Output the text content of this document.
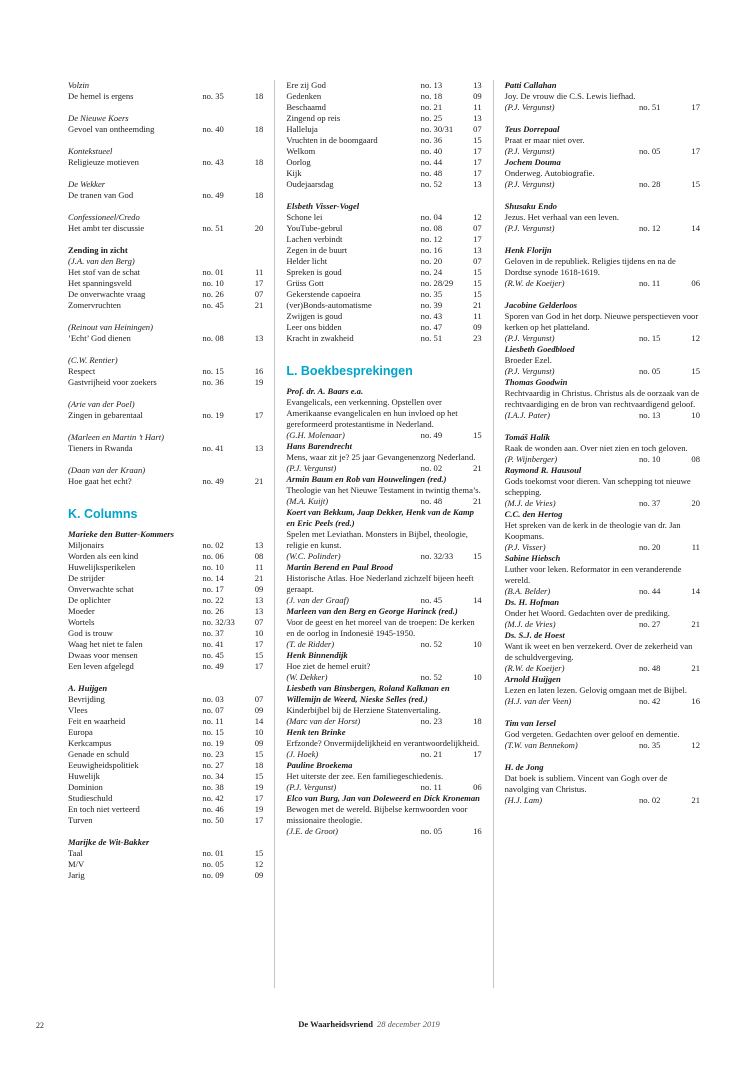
Volzin
De hemel is ergens	no. 35	18
De Nieuwe Koers
Gevoel van ontheemding	no. 40	18
Kontekstueel
Religieuze motieven	no. 43	18
De Wekker
De tranen van God	no. 49	18
Confessioneel/Credo
Het ambt ter discussie	no. 51	20
Zending in zicht
(J.A. van den Berg)
Het stof van de schat	no. 01	11
Het spanningsveld	no. 10	17
De onverwachte vraag	no. 26	07
Zomervruchten	no. 45	21
(Reinout van Heiningen)
’Echt’ God dienen	no. 08	13
(C.W. Rentier)
Respect	no. 15	16
Gastvrijheid voor zoekers	no. 36	19
(Arie van der Poel)
Zingen in gebarentaal	no. 19	17
(Marleen en Martin ’t Hart)
Tieners in Rwanda	no. 41	13
(Daan van der Kraan)
Hoe gaat het echt?	no. 49	21
K. Columns
Marieke den Butter-Kommers
Miljonairs	no. 02	13
Worden als een kind	no. 06	08
Huwelijksperikelen	no. 10	11
De strijder	no. 14	21
Onverwachte schat	no. 17	09
De oplichter	no. 22	13
Moeder	no. 26	13
Wortels	no. 32/33	07
God is trouw	no. 37	10
Waag het niet te falen	no. 41	17
Dwaas voor mensen	no. 45	15
Een leven afgelegd	no. 49	17
A. Huijgen
Bevrijding	no. 03	07
Vlees	no. 07	09
Feit en waarheid	no. 11	14
Europa	no. 15	10
Kerkcampus	no. 19	09
Genade en schuld	no. 23	15
Eeuwigheidspolitiek	no. 27	18
Huwelijk	no. 34	15
Dominion	no. 38	19
Studieschuld	no. 42	17
En toch niet verteerd	no. 46	19
Turven	no. 50	17
Marijke de Wit-Bakker
Taal	no. 01	15
M/V	no. 05	12
Jarig	no. 09	09
Ere zij God	no. 13	13
Gedenken	no. 18	09
Beschaamd	no. 21	11
Zingend op reis	no. 25	13
Halleluja	no. 30/31	07
Vruchten in de boomgaard	no. 36	15
Welkom	no. 40	17
Oorlog	no. 44	17
Kijk	no. 48	17
Oudejaarsdag	no. 52	13
Elsbeth Visser-Vogel
Schone lei	no. 04	12
YouTube-gebrul	no. 08	07
Lachen verbindt	no. 12	17
Zegen in de buurt	no. 16	13
Helder licht	no. 20	07
Spreken is goud	no. 24	15
Grüss Gott	no. 28/29	15
Gekerstende capoeira	no. 35	15
(ver)Bonds-automatisme	no. 39	21
Zwijgen is goud	no. 43	11
Leer ons bidden	no. 47	09
Kracht in zwakheid	no. 51	23
L. Boekbesprekingen
Prof. dr. A. Baars e.a.
Evangelicals, een verkenning. Opstellen over Amerikaanse evangelicalen en hun invloed op het gereformeerd protestantisme in Nederland.
(G.H. Molenaar)	no. 49	15
Hans Barendrecht
Mens, waar zit je? 25 jaar Gevangenenzorg Nederland.
(P.J. Vergunst)	no. 02	21
Armin Baum en Rob van Houwelingen (red.)
Theologie van het Nieuwe Testament in twintig thema’s.
(M.A. Kuijt)	no. 48	21
Koert van Bekkum, Jaap Dekker, Henk van de Kamp en Eric Peels (red.)
Spelen met Leviathan. Monsters in Bijbel, theologie, religie en kunst.
(W.C. Polinder)	no. 32/33	15
Martin Berend en Paul Brood
Historische Atlas. Hoe Nederland zichzelf bijeen heeft geraapt.
(J. van der Graaf)	no. 45	14
Marleen van den Berg en George Harinck (red.)
Voor de geest en het moreel van de troepen: De kerken en de oorlog in Indonesië 1945-1950.
(T. de Ridder)	no. 52	10
Henk Binnendijk
Hoe ziet de hemel eruit?
(W. Dekker)	no. 52	10
Liesbeth van Binsbergen, Roland Kalkman en Willemijn de Weerd, Nieske Selles (red.)
Kinderbijbel bij de Herziene Statenvertaling.
(Marc van der Horst)	no. 23	18
Henk ten Brinke
Erfzonde? Onvermijdelijkheid en verantwoordelijkheid.
(J. Hoek)	no. 21	17
Pauline Broekema
Het uiterste der zee. Een familiegeschiedenis.
(P.J. Vergunst)	no. 11	06
Elco van Burg, Jan van Doleweerd en Dick Kroneman
Bewogen met de wereld. Bijbelse kernwoorden voor missionaire theologie.
(J.E. de Groot)	no. 05	16
Patti Callahan
Joy. De vrouw die C.S. Lewis liefhad.
(P.J. Vergunst)	no. 51	17
Teus Dorrepaal
Praat er maar niet over.
(P.J. Vergunst)	no. 05	17
Jochem Douma
Onderweg. Autobiografie.
(P.J. Vergunst)	no. 28	15
Shusaku Endo
Jezus. Het verhaal van een leven.
(P.J. Vergunst)	no. 12	14
Henk Florijn
Geloven in de republiek. Religies tijdens en na de Dordtse synode 1618-1619.
(R.W. de Koeijer)	no. 11	06
Jacobine Gelderloos
Sporen van God in het dorp. Nieuwe perspectieven voor kerken op het platteland.
(P.J. Vergunst)	no. 15	12
Liesbeth Goedbloed
Broeder Ezel.
(P.J. Vergunst)	no. 05	15
Thomas Goodwin
Rechtvaardig in Christus. Christus als de oorzaak van de rechtvaardiging en de bron van rechtvaardigend geloof.
(I.A.J. Pater)	no. 13	10
Tomáš Halík
Raak de wonden aan. Over niet zien en toch geloven.
(P. Wijnberger)	no. 10	08
Raymond R. Hausoul
Gods toekomst voor dieren. Van schepping tot nieuwe schepping.
(M.J. de Vries)	no. 37	20
C.C. den Hertog
Het spreken van de kerk in de theologie van dr. Jan Koopmans.
(P.J. Visser)	no. 20	11
Sabine Hiebsch
Luther voor leken. Reformator in een veranderende wereld.
(B.A. Belder)	no. 44	14
Ds. H. Hofman
Onder het Woord. Gedachten over de prediking.
(M.J. de Vries)	no. 27	21
Ds. S.J. de Hoest
Want ik weet en ben verzekerd. Over de zekerheid van de schuldvergeving.
(R.W. de Koeijer)	no. 48	21
Arnold Huijgen
Lezen en laten lezen. Gelovig omgaan met de Bijbel.
(H.J. van der Veen)	no. 42	16
Tim van Iersel
God vergeten. Gedachten over geloof en dementie.
(T.W. van Bennekom)	no. 35	12
H. de Jong
Dat boek is subliem. Vincent van Gogh over de navolging van Christus.
(H.J. Lam)	no. 02	21
22	De Waarheidsvriend 28 december 2019
